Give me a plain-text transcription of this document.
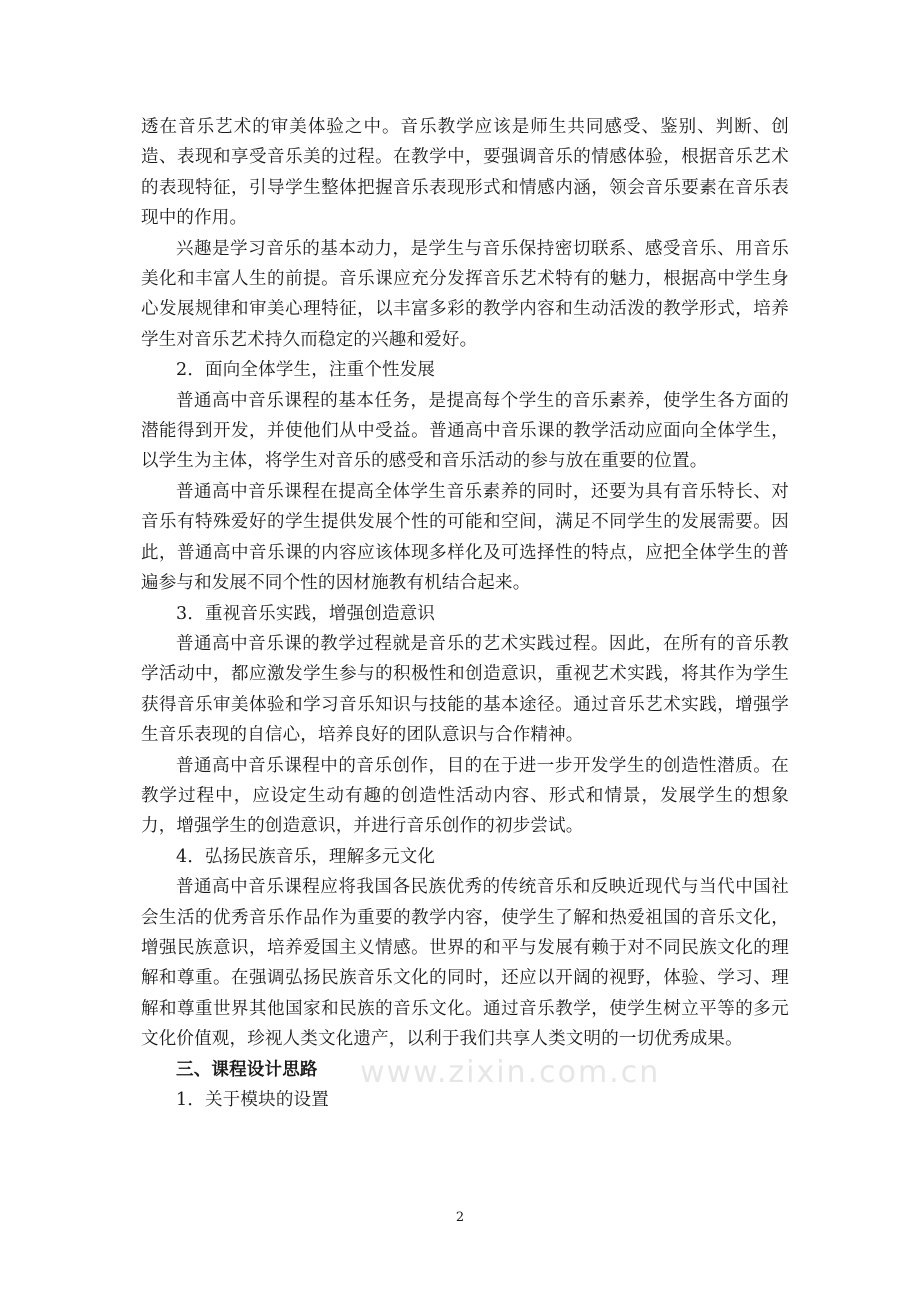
透在音乐艺术的审美体验之中。音乐教学应该是师生共同感受、鉴别、判断、创造、表现和享受音乐美的过程。在教学中，要强调音乐的情感体验，根据音乐艺术的表现特征，引导学生整体把握音乐表现形式和情感内涵，领会音乐要素在音乐表现中的作用。

兴趣是学习音乐的基本动力，是学生与音乐保持密切联系、感受音乐、用音乐美化和丰富人生的前提。音乐课应充分发挥音乐艺术特有的魅力，根据高中学生身心发展规律和审美心理特征，以丰富多彩的教学内容和生动活泼的教学形式，培养学生对音乐艺术持久而稳定的兴趣和爱好。

2．面向全体学生，注重个性发展

普通高中音乐课程的基本任务，是提高每个学生的音乐素养，使学生各方面的潜能得到开发，并使他们从中受益。普通高中音乐课的教学活动应面向全体学生，以学生为主体，将学生对音乐的感受和音乐活动的参与放在重要的位置。

普通高中音乐课程在提高全体学生音乐素养的同时，还要为具有音乐特长、对音乐有特殊爱好的学生提供发展个性的可能和空间，满足不同学生的发展需要。因此，普通高中音乐课的内容应该体现多样化及可选择性的特点，应把全体学生的普遍参与和发展不同个性的因材施教有机结合起来。

3．重视音乐实践，增强创造意识

普通高中音乐课的教学过程就是音乐的艺术实践过程。因此，在所有的音乐教学活动中，都应激发学生参与的积极性和创造意识，重视艺术实践，将其作为学生获得音乐审美体验和学习音乐知识与技能的基本途径。通过音乐艺术实践，增强学生音乐表现的自信心，培养良好的团队意识与合作精神。

普通高中音乐课程中的音乐创作，目的在于进一步开发学生的创造性潜质。在教学过程中，应设定生动有趣的创造性活动内容、形式和情景，发展学生的想象力，增强学生的创造意识，并进行音乐创作的初步尝试。

4．弘扬民族音乐，理解多元文化

普通高中音乐课程应将我国各民族优秀的传统音乐和反映近现代与当代中国社会生活的优秀音乐作品作为重要的教学内容，使学生了解和热爱祖国的音乐文化，增强民族意识，培养爱国主义情感。世界的和平与发展有赖于对不同民族文化的理解和尊重。在强调弘扬民族音乐文化的同时，还应以开阔的视野，体验、学习、理解和尊重世界其他国家和民族的音乐文化。通过音乐教学，使学生树立平等的多元文化价值观，珍视人类文化遗产，以利于我们共享人类文明的一切优秀成果。

三、课程设计思路

1．关于模块的设置

www.zixin.com.cn
2
